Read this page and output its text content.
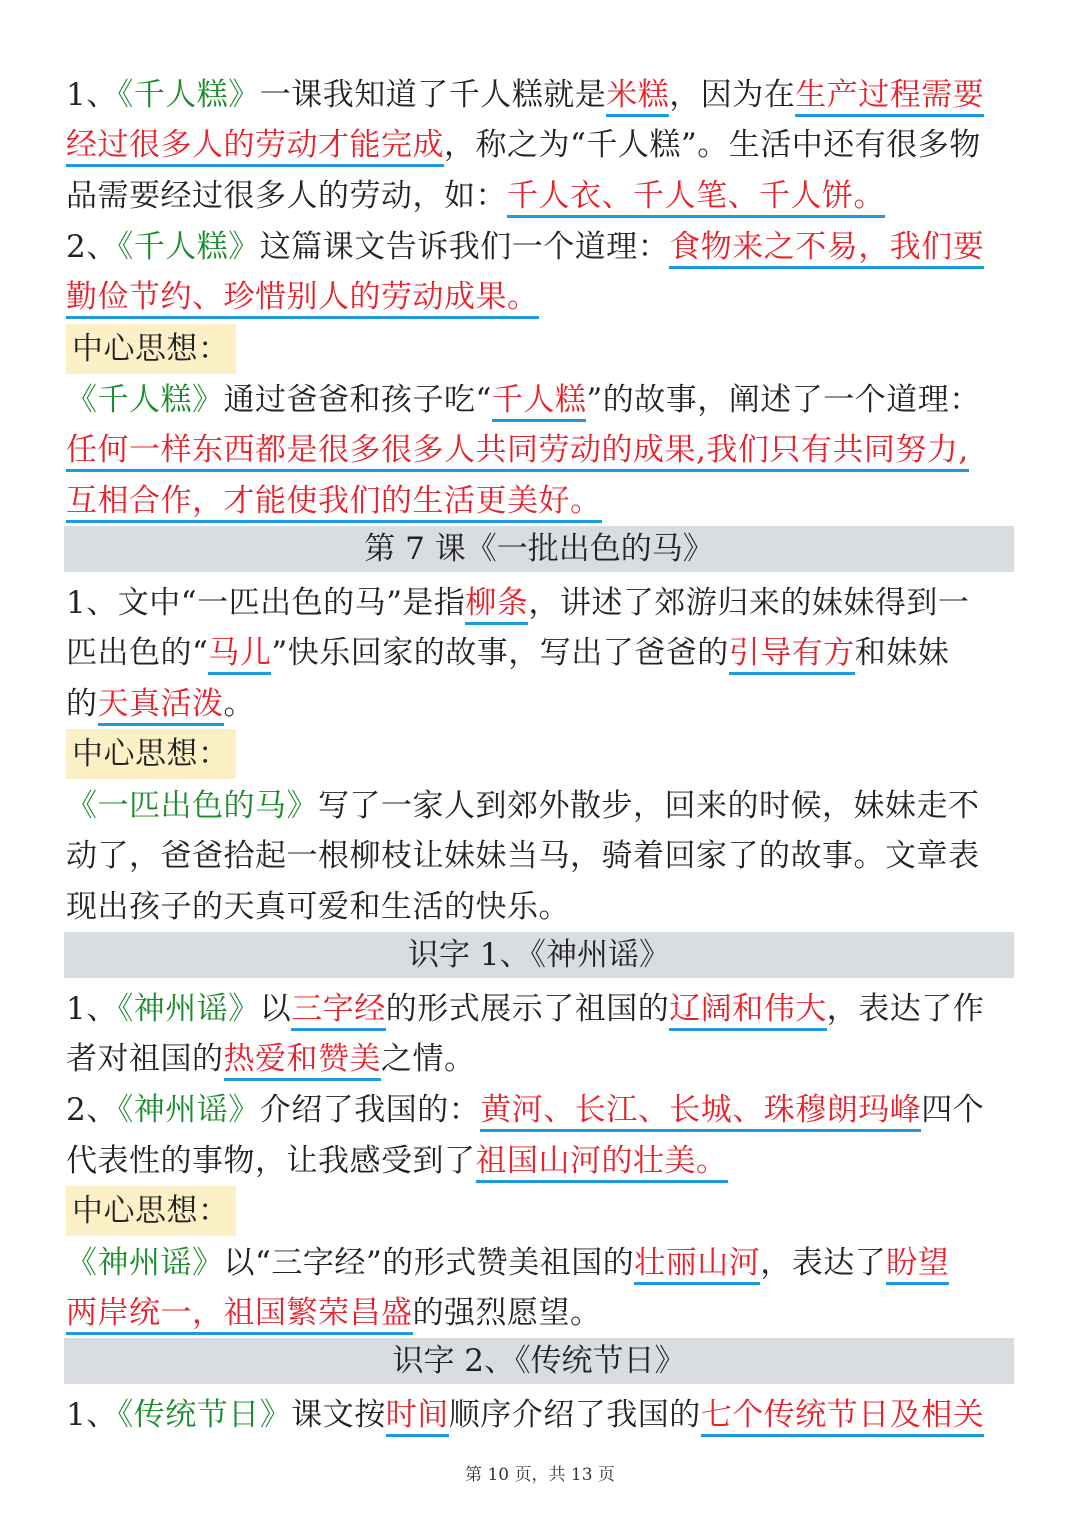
1、《千人糕》一课我知道了千人糕就是米糕，因为在生产过程需要
经过很多人的劳动才能完成，称之为“千人糕”。生活中还有很多物
品需要经过很多人的劳动，如：千人衣、千人笔、千人饼。
2、《千人糕》这篇课文告诉我们一个道理：食物来之不易，我们要
勤俭节约、珍惜别人的劳动成果。
中心思想：
《千人糕》通过爸爸和孩子吃“千人糕”的故事，阐述了一个道理：
任何一样东西都是很多很多人共同劳动的成果,我们只有共同努力,
互相合作，才能使我们的生活更美好。
第 7 课《一批出色的马》
1、文中“一匹出色的马”是指柳条，讲述了郊游归来的妹妹得到一
匹出色的“马儿”快乐回家的故事，写出了爸爸的引导有方和妹妹
的天真活泼。
中心思想：
《一匹出色的马》写了一家人到郊外散步，回来的时候，妹妹走不
动了，爸爸拾起一根柳枝让妹妹当马，骑着回家了的故事。文章表
现出孩子的天真可爱和生活的快乐。
识字 1、《神州谣》
1、《神州谣》以三字经的形式展示了祖国的辽阔和伟大，表达了作
者对祖国的热爱和赞美之情。
2、《神州谣》介绍了我国的：黄河、长江、长城、珠穆朗玛峰四个
代表性的事物，让我感受到了祖国山河的壮美。
中心思想：
《神州谣》以“三字经”的形式赞美祖国的壮丽山河，表达了盼望
两岸统一，祖国繁荣昌盛的强烈愿望。
识字 2、《传统节日》
1、《传统节日》课文按时间顺序介绍了我国的七个传统节日及相关
第 10 页，共 13 页
